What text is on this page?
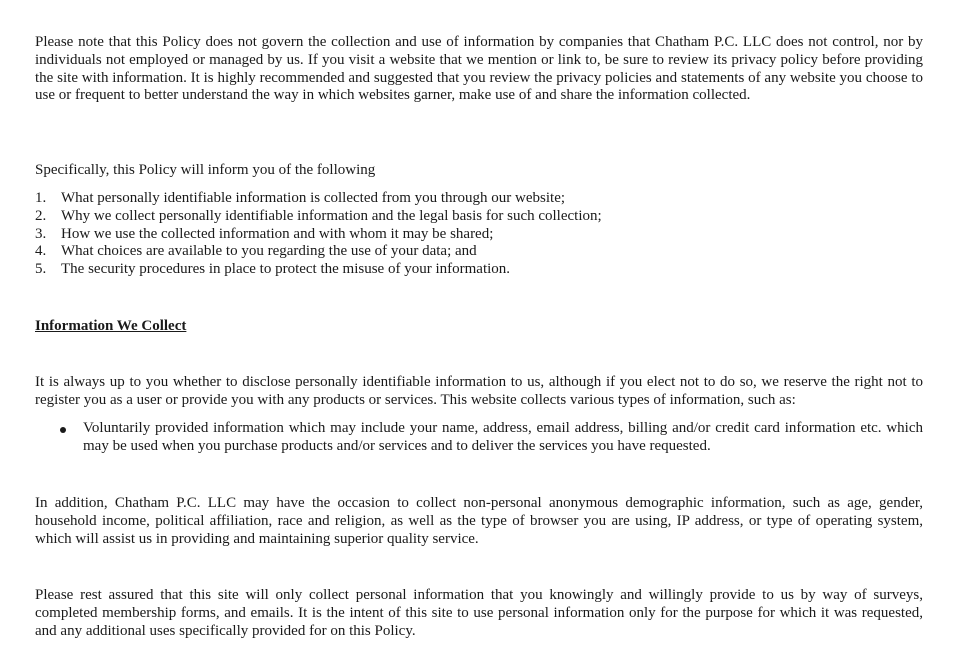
Please note that this Policy does not govern the collection and use of information by companies that Chatham P.C. LLC does not control, nor by individuals not employed or managed by us. If you visit a website that we mention or link to, be sure to review its privacy policy before providing the site with information. It is highly recommended and suggested that you review the privacy policies and statements of any website you choose to use or frequent to better understand the way in which websites garner, make use of and share the information collected.

Specifically, this Policy will inform you of the following

1. What personally identifiable information is collected from you through our website;
2. Why we collect personally identifiable information and the legal basis for such collection;
3. How we use the collected information and with whom it may be shared;
4. What choices are available to you regarding the use of your data; and
5. The security procedures in place to protect the misuse of your information.

Information We Collect

It is always up to you whether to disclose personally identifiable information to us, although if you elect not to do so, we reserve the right not to register you as a user or provide you with any products or services. This website collects various types of information, such as:

Voluntarily provided information which may include your name, address, email address, billing and/or credit card information etc. which may be used when you purchase products and/or services and to deliver the services you have requested.

In addition, Chatham P.C. LLC may have the occasion to collect non-personal anonymous demographic information, such as age, gender, household income, political affiliation, race and religion, as well as the type of browser you are using, IP address, or type of operating system, which will assist us in providing and maintaining superior quality service.

Please rest assured that this site will only collect personal information that you knowingly and willingly provide to us by way of surveys, completed membership forms, and emails. It is the intent of this site to use personal information only for the purpose for which it was requested, and any additional uses specifically provided for on this Policy.
